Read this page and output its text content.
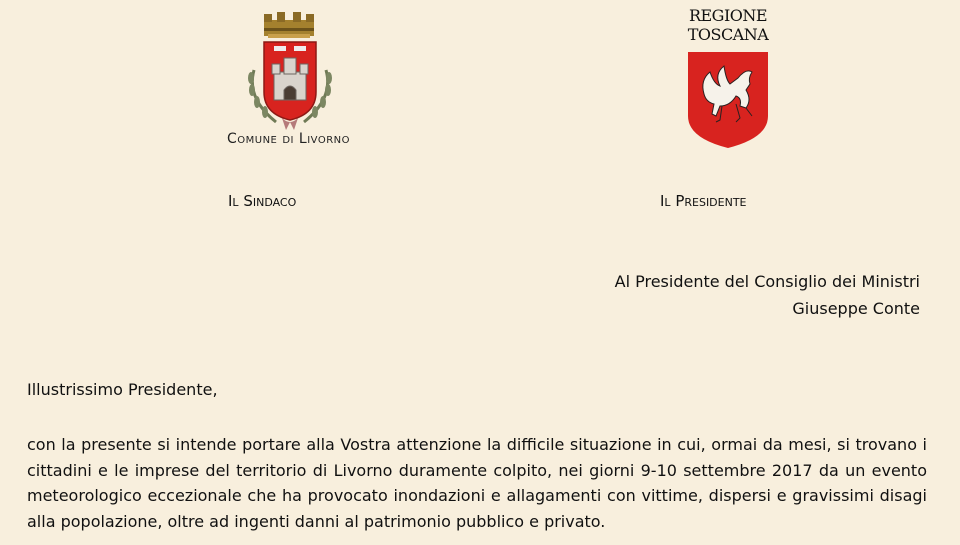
Comune di Livorno
REGIONE
TOSCANA
Il Sindaco	Il Presidente
Al Presidente del Consiglio dei Ministri
Giuseppe Conte
Illustrissimo Presidente,
con la presente si intende portare alla Vostra attenzione la difficile situazione in cui, ormai da mesi, si trovano i cittadini e le imprese del territorio di Livorno duramente colpito, nei giorni 9-10 settembre 2017 da un evento meteorologico eccezionale che ha provocato inondazioni e allagamenti con vittime, dispersi e gravissimi disagi alla popolazione, oltre ad ingenti danni al patrimonio pubblico e privato.
